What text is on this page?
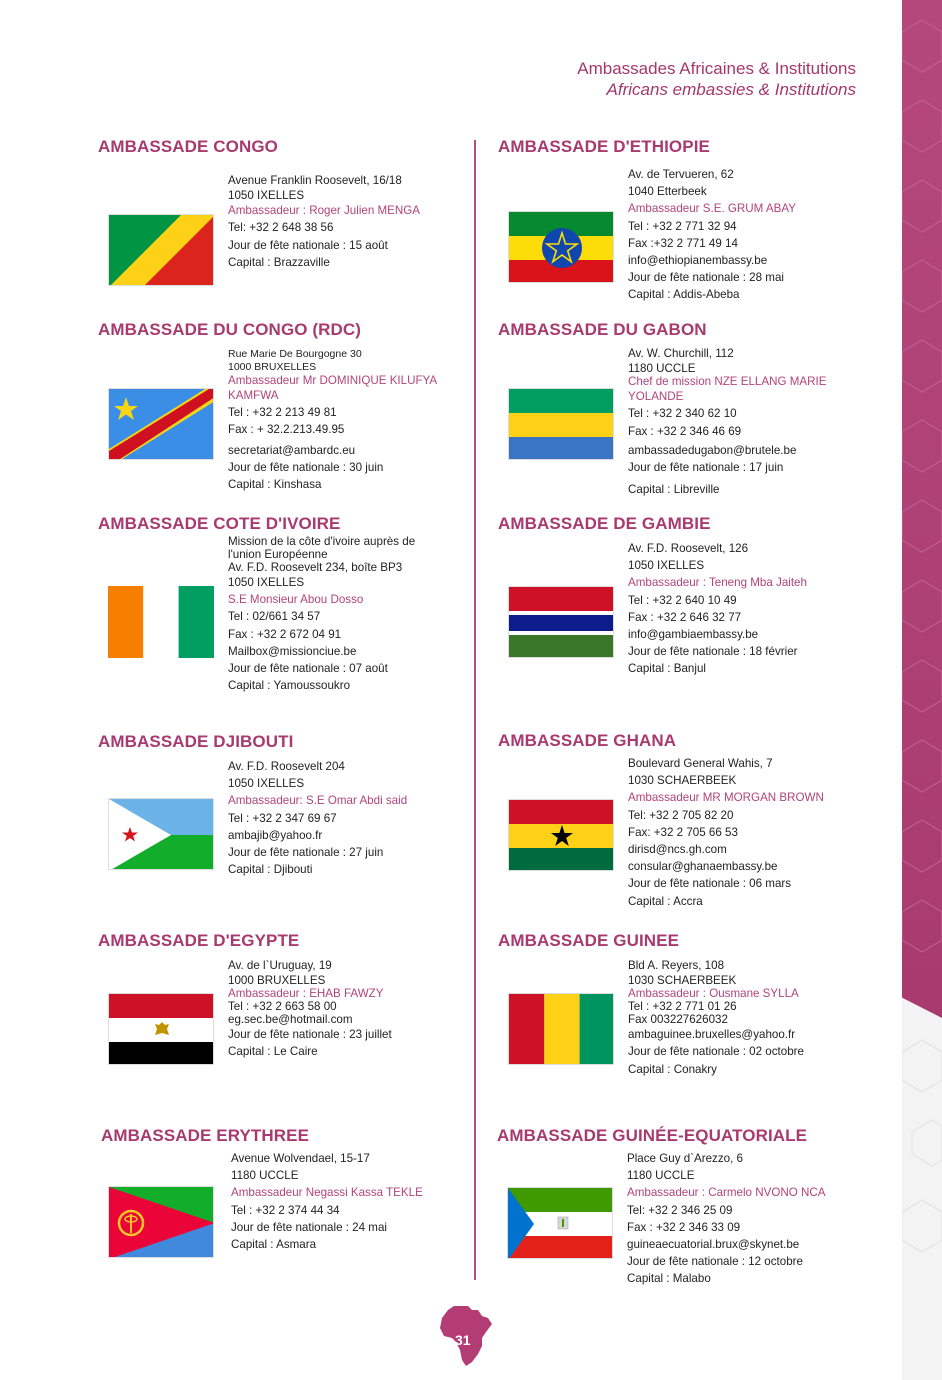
Ambassades Africaines & Institutions
Africans embassies & Institutions
AMBASSADE CONGO
Avenue Franklin Roosevelt, 16/18
1050 IXELLES
Ambassadeur : Roger Julien MENGA
Tel: +32 2 648 38 56
Jour de fête nationale : 15 août
Capital : Brazzaville
AMBASSADE D'ETHIOPIE
Av. de Tervueren, 62
1040 Etterbeek
Ambassadeur S.E. GRUM ABAY
Tel : +32 2 771 32 94
Fax :+32 2 771 49 14
info@ethiopianembassy.be
Jour de fête nationale : 28 mai
Capital : Addis-Abeba
AMBASSADE DU CONGO (RDC)
Rue Marie De Bourgogne 30
1000 BRUXELLES
Ambassadeur Mr DOMINIQUE KILUFYA
KAMFWA
Tel : +32 2 213 49 81
Fax : + 32.2.213.49.95
secretariat@ambardc.eu
Jour de fête nationale : 30 juin
Capital : Kinshasa
AMBASSADE DU GABON
Av. W. Churchill, 112
1180 UCCLE
Chef de mission NZE ELLANG MARIE
YOLANDE
Tel : +32 2 340 62 10
Fax : +32 2 346 46 69
ambassadedugabon@brutele.be
Jour de fête nationale : 17 juin
Capital : Libreville
AMBASSADE COTE D'IVOIRE
Mission de la côte d'ivoire auprès de
l'union Européenne
Av. F.D. Roosevelt 234, boîte BP3
1050 IXELLES
S.E Monsieur Abou Dosso
Tel : 02/661 34 57
Fax : +32 2 672 04 91
Mailbox@missionciue.be
Jour de fête nationale : 07 août
Capital : Yamoussoukro
AMBASSADE DE GAMBIE
Av. F.D. Roosevelt, 126
1050 IXELLES
Ambassadeur : Teneng Mba Jaiteh
Tel : +32 2 640 10 49
Fax : +32 2 646 32 77
info@gambiaembassy.be
Jour de fête nationale : 18 février
Capital : Banjul
AMBASSADE DJIBOUTI
Av. F.D. Roosevelt 204
1050 IXELLES
Ambassadeur: S.E Omar Abdi said
Tel : +32 2 347 69 67
ambajib@yahoo.fr
Jour de fête nationale : 27 juin
Capital : Djibouti
AMBASSADE GHANA
Boulevard General Wahis, 7
1030 SCHAERBEEK
Ambassadeur MR MORGAN BROWN
Tel: +32 2 705 82 20
Fax: +32 2 705 66 53
dirisd@ncs.gh.com
consular@ghanaembassy.be
Jour de fête nationale : 06 mars
Capital : Accra
AMBASSADE D'EGYPTE
Av. de l`Uruguay, 19
1000 BRUXELLES
Ambassadeur : EHAB FAWZY
Tel : +32 2 663 58 00
eg.sec.be@hotmail.com
Jour de fête nationale : 23 juillet
Capital : Le Caire
AMBASSADE GUINEE
Bld A. Reyers, 108
1030 SCHAERBEEK
Ambassadeur : Ousmane SYLLA
Tel : +32 2 771 01 26
Fax 003227626032
ambaguinee.bruxelles@yahoo.fr
Jour de fête nationale : 02 octobre
Capital : Conakry
AMBASSADE ERYTHREE
Avenue Wolvendael, 15-17
1180 UCCLE
Ambassadeur Negassi Kassa TEKLE
Tel : +32 2 374 44 34
Jour de fête nationale : 24 mai
Capital : Asmara
AMBASSADE GUINÉE-EQUATORIALE
Place Guy d`Arezzo, 6
1180 UCCLE
Ambassadeur : Carmelo NVONO NCA
Tel: +32 2 346 25 09
Fax : +32 2 346 33 09
guineaecuatorial.brux@skynet.be
Jour de fête nationale : 12 octobre
Capital : Malabo
31
